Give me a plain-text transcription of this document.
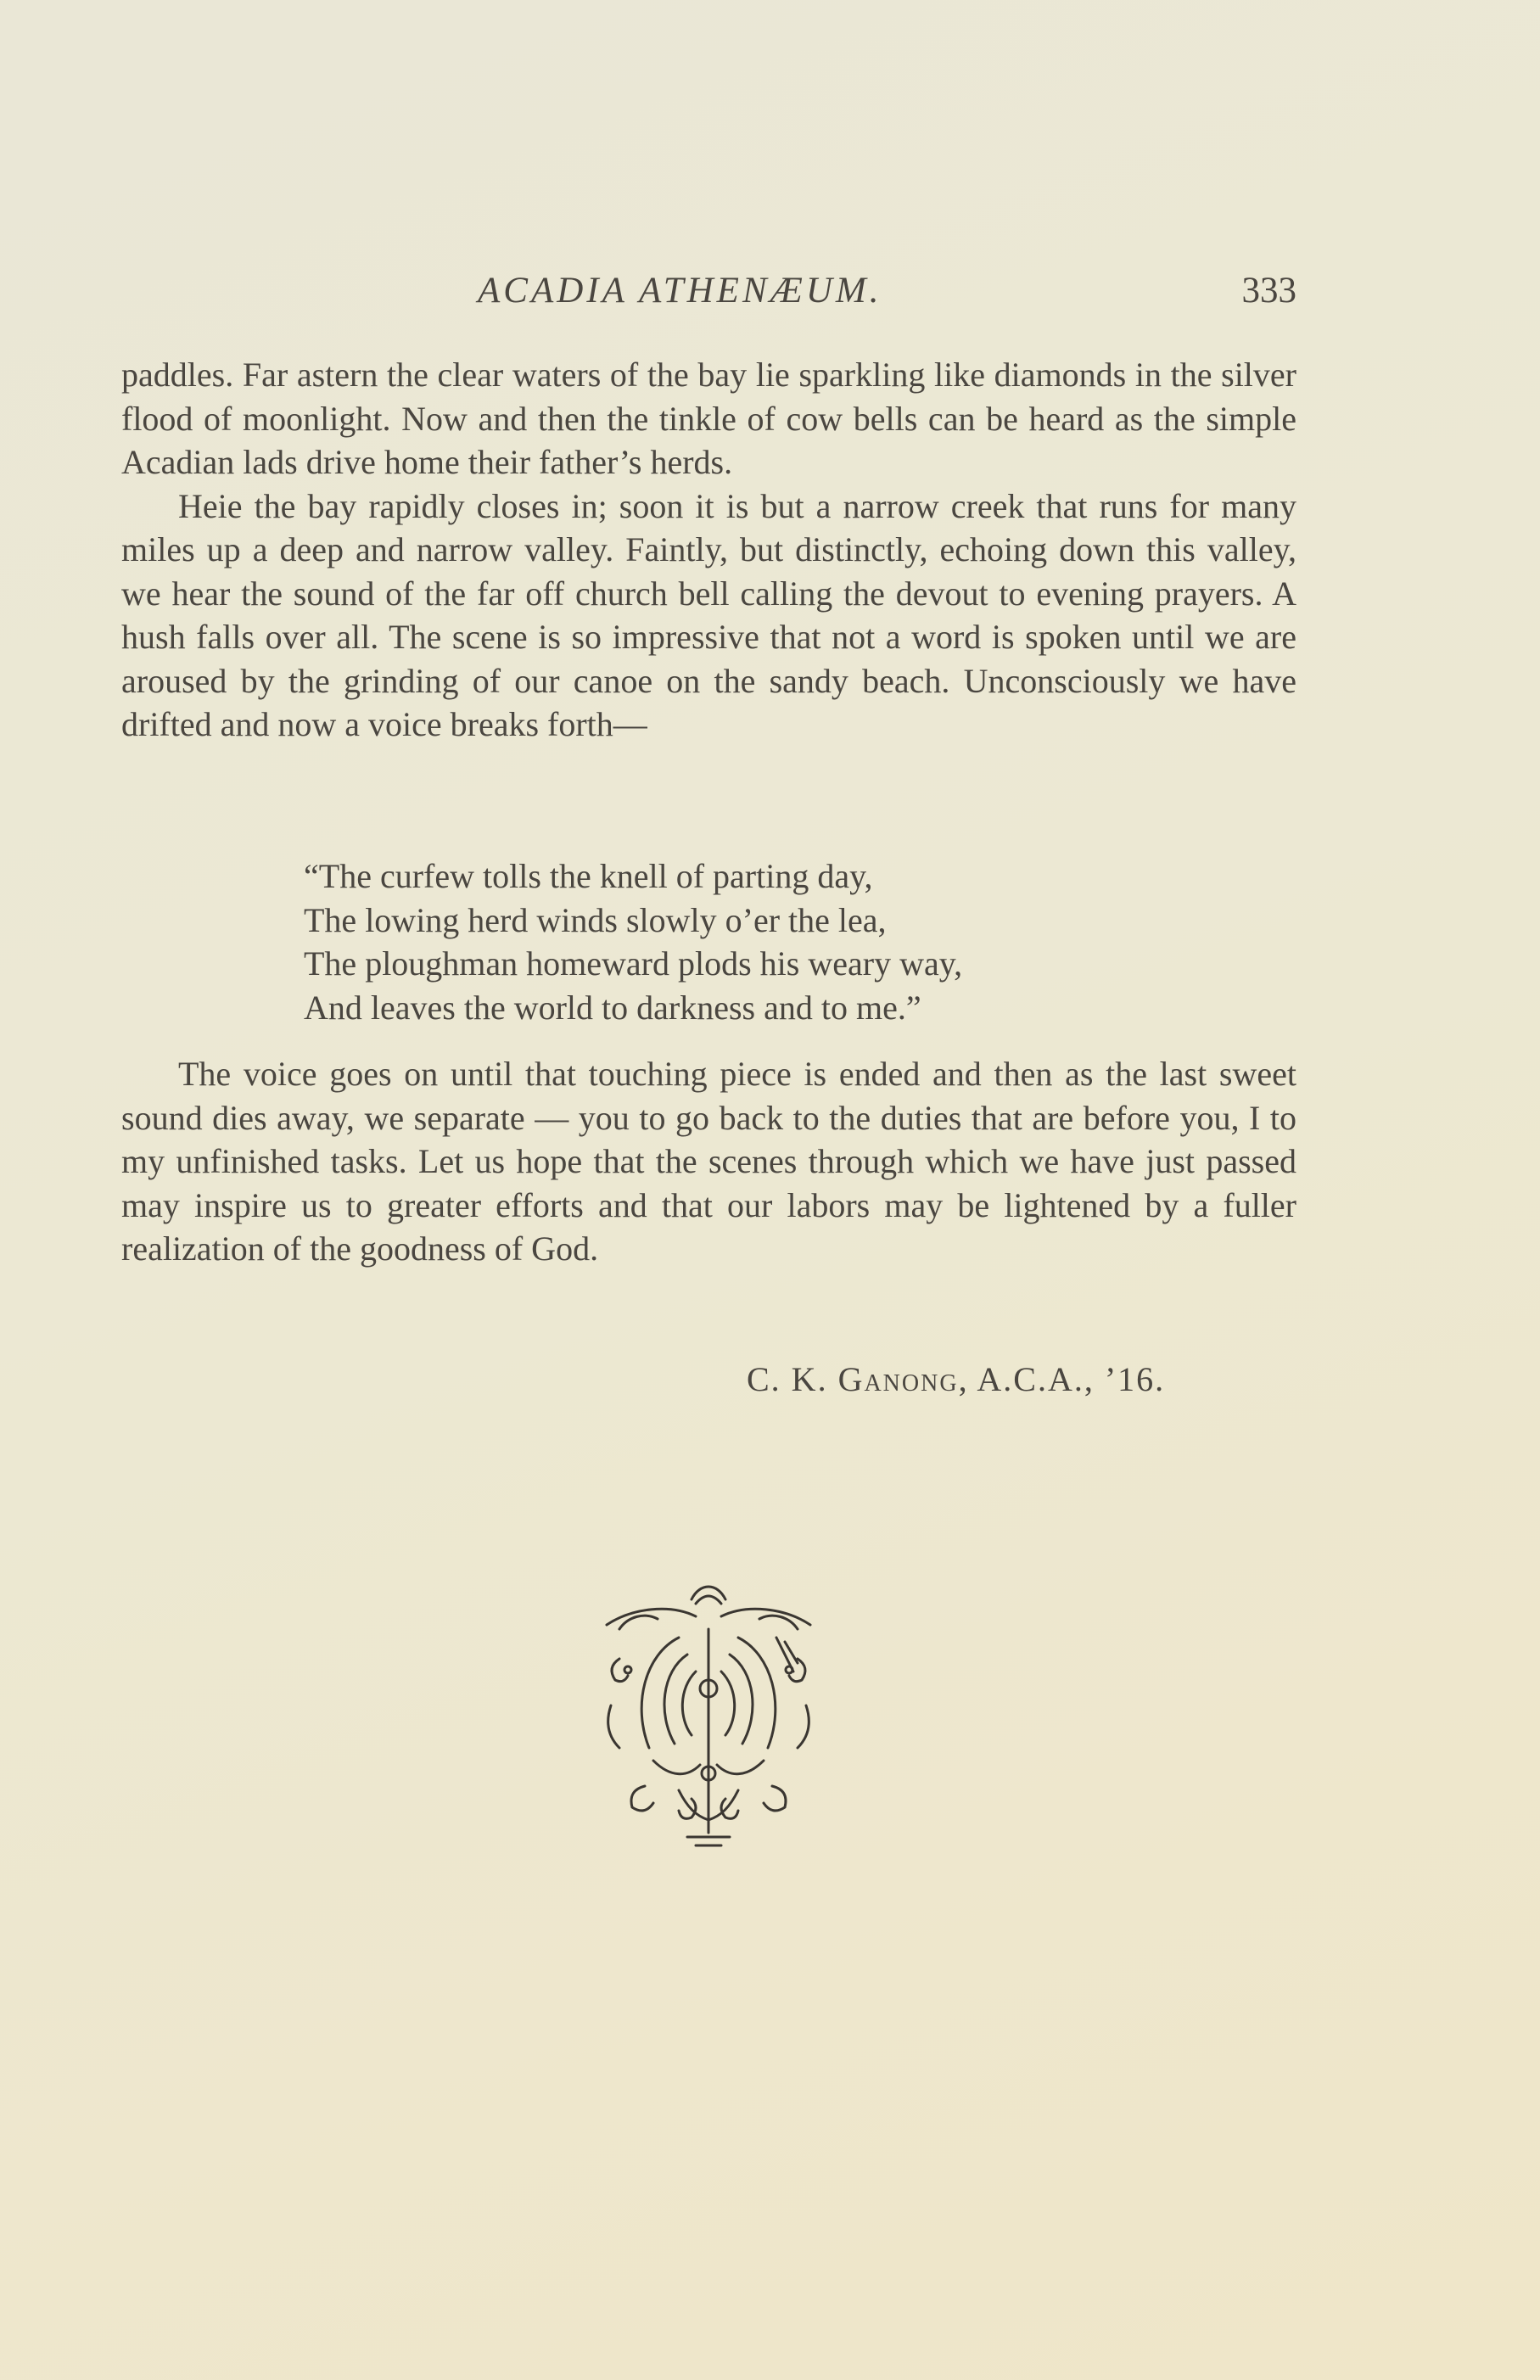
ACADIA ATHENÆUM.	333

paddles. Far astern the clear waters of the bay lie sparkling like diamonds in the silver flood of moonlight. Now and then the tinkle of cow bells can be heard as the simple Acadian lads drive home their father’s herds.

Heie the bay rapidly closes in; soon it is but a narrow creek that runs for many miles up a deep and narrow valley. Faintly, but distinctly, echoing down this valley, we hear the sound of the far off church bell calling the devout to evening prayers. A hush falls over all. The scene is so impressive that not a word is spoken until we are aroused by the grinding of our canoe on the sandy beach. Unconsciously we have drifted and now a voice breaks forth—

“The curfew tolls the knell of parting day,
The lowing herd winds slowly o’er the lea,
The ploughman homeward plods his weary way,
And leaves the world to darkness and to me.”

The voice goes on until that touching piece is ended and then as the last sweet sound dies away, we separate — you to go back to the duties that are before you, I to my unfinished tasks. Let us hope that the scenes through which we have just passed may inspire us to greater efforts and that our labors may be lightened by a fuller realization of the goodness of God.

C. K. Ganong, A.C.A., ’16.
